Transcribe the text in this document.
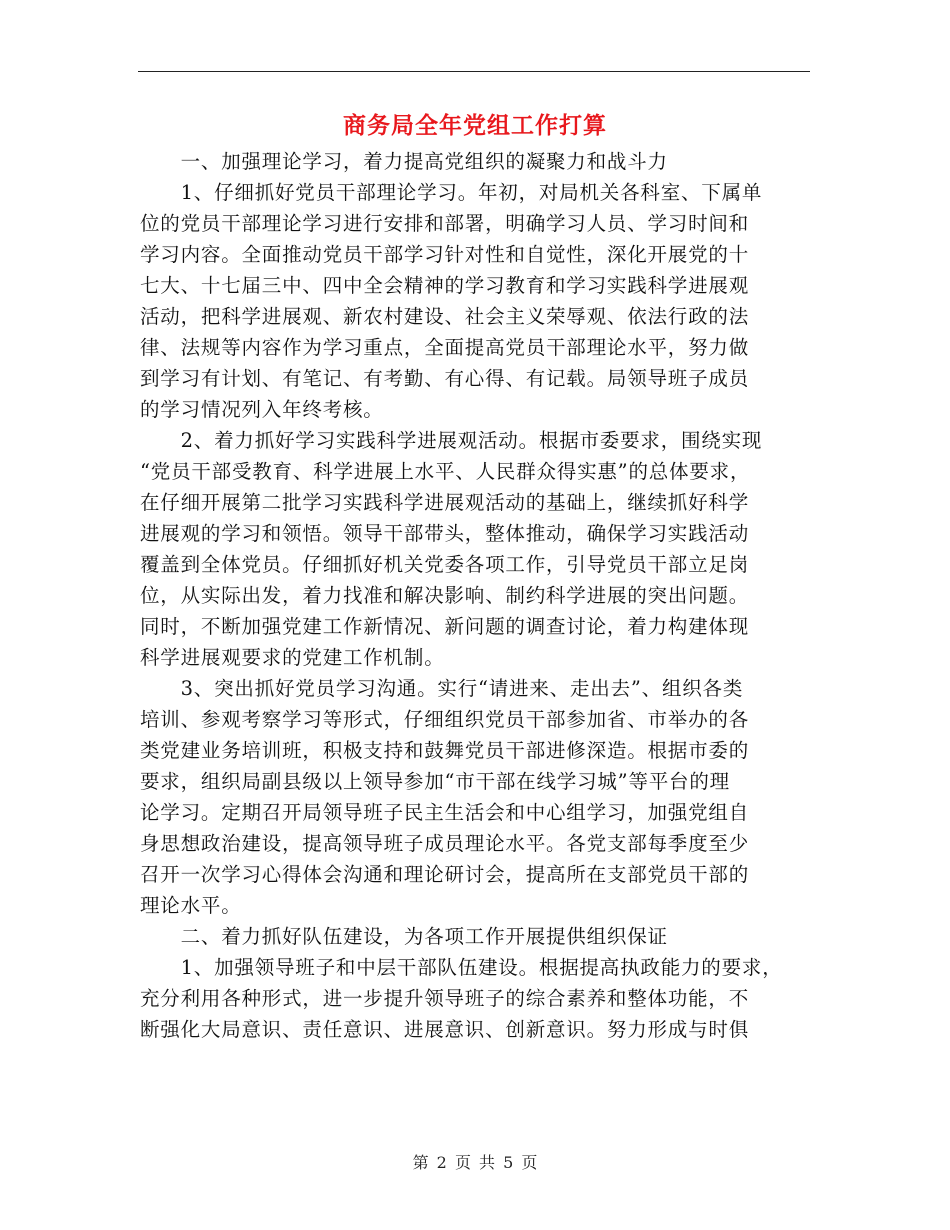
商务局全年党组工作打算
　　一、加强理论学习，着力提高党组织的凝聚力和战斗力
　　1、仔细抓好党员干部理论学习。年初，对局机关各科室、下属单
位的党员干部理论学习进行安排和部署，明确学习人员、学习时间和
学习内容。全面推动党员干部学习针对性和自觉性，深化开展党的十
七大、十七届三中、四中全会精神的学习教育和学习实践科学进展观
活动，把科学进展观、新农村建设、社会主义荣辱观、依法行政的法
律、法规等内容作为学习重点，全面提高党员干部理论水平，努力做
到学习有计划、有笔记、有考勤、有心得、有记载。局领导班子成员
的学习情况列入年终考核。
　　2、着力抓好学习实践科学进展观活动。根据市委要求，围绕实现
“党员干部受教育、科学进展上水平、人民群众得实惠”的总体要求，
在仔细开展第二批学习实践科学进展观活动的基础上，继续抓好科学
进展观的学习和领悟。领导干部带头，整体推动，确保学习实践活动
覆盖到全体党员。仔细抓好机关党委各项工作，引导党员干部立足岗
位，从实际出发，着力找准和解决影响、制约科学进展的突出问题。
同时，不断加强党建工作新情况、新问题的调查讨论，着力构建体现
科学进展观要求的党建工作机制。
　　3、突出抓好党员学习沟通。实行“请进来、走出去”、组织各类
培训、参观考察学习等形式，仔细组织党员干部参加省、市举办的各
类党建业务培训班，积极支持和鼓舞党员干部进修深造。根据市委的
要求，组织局副县级以上领导参加“市干部在线学习城”等平台的理
论学习。定期召开局领导班子民主生活会和中心组学习，加强党组自
身思想政治建设，提高领导班子成员理论水平。各党支部每季度至少
召开一次学习心得体会沟通和理论研讨会，提高所在支部党员干部的
理论水平。
　　二、着力抓好队伍建设，为各项工作开展提供组织保证
　　1、加强领导班子和中层干部队伍建设。根据提高执政能力的要求，
充分利用各种形式，进一步提升领导班子的综合素养和整体功能，不
断强化大局意识、责任意识、进展意识、创新意识。努力形成与时俱
第 2 页 共 5 页
